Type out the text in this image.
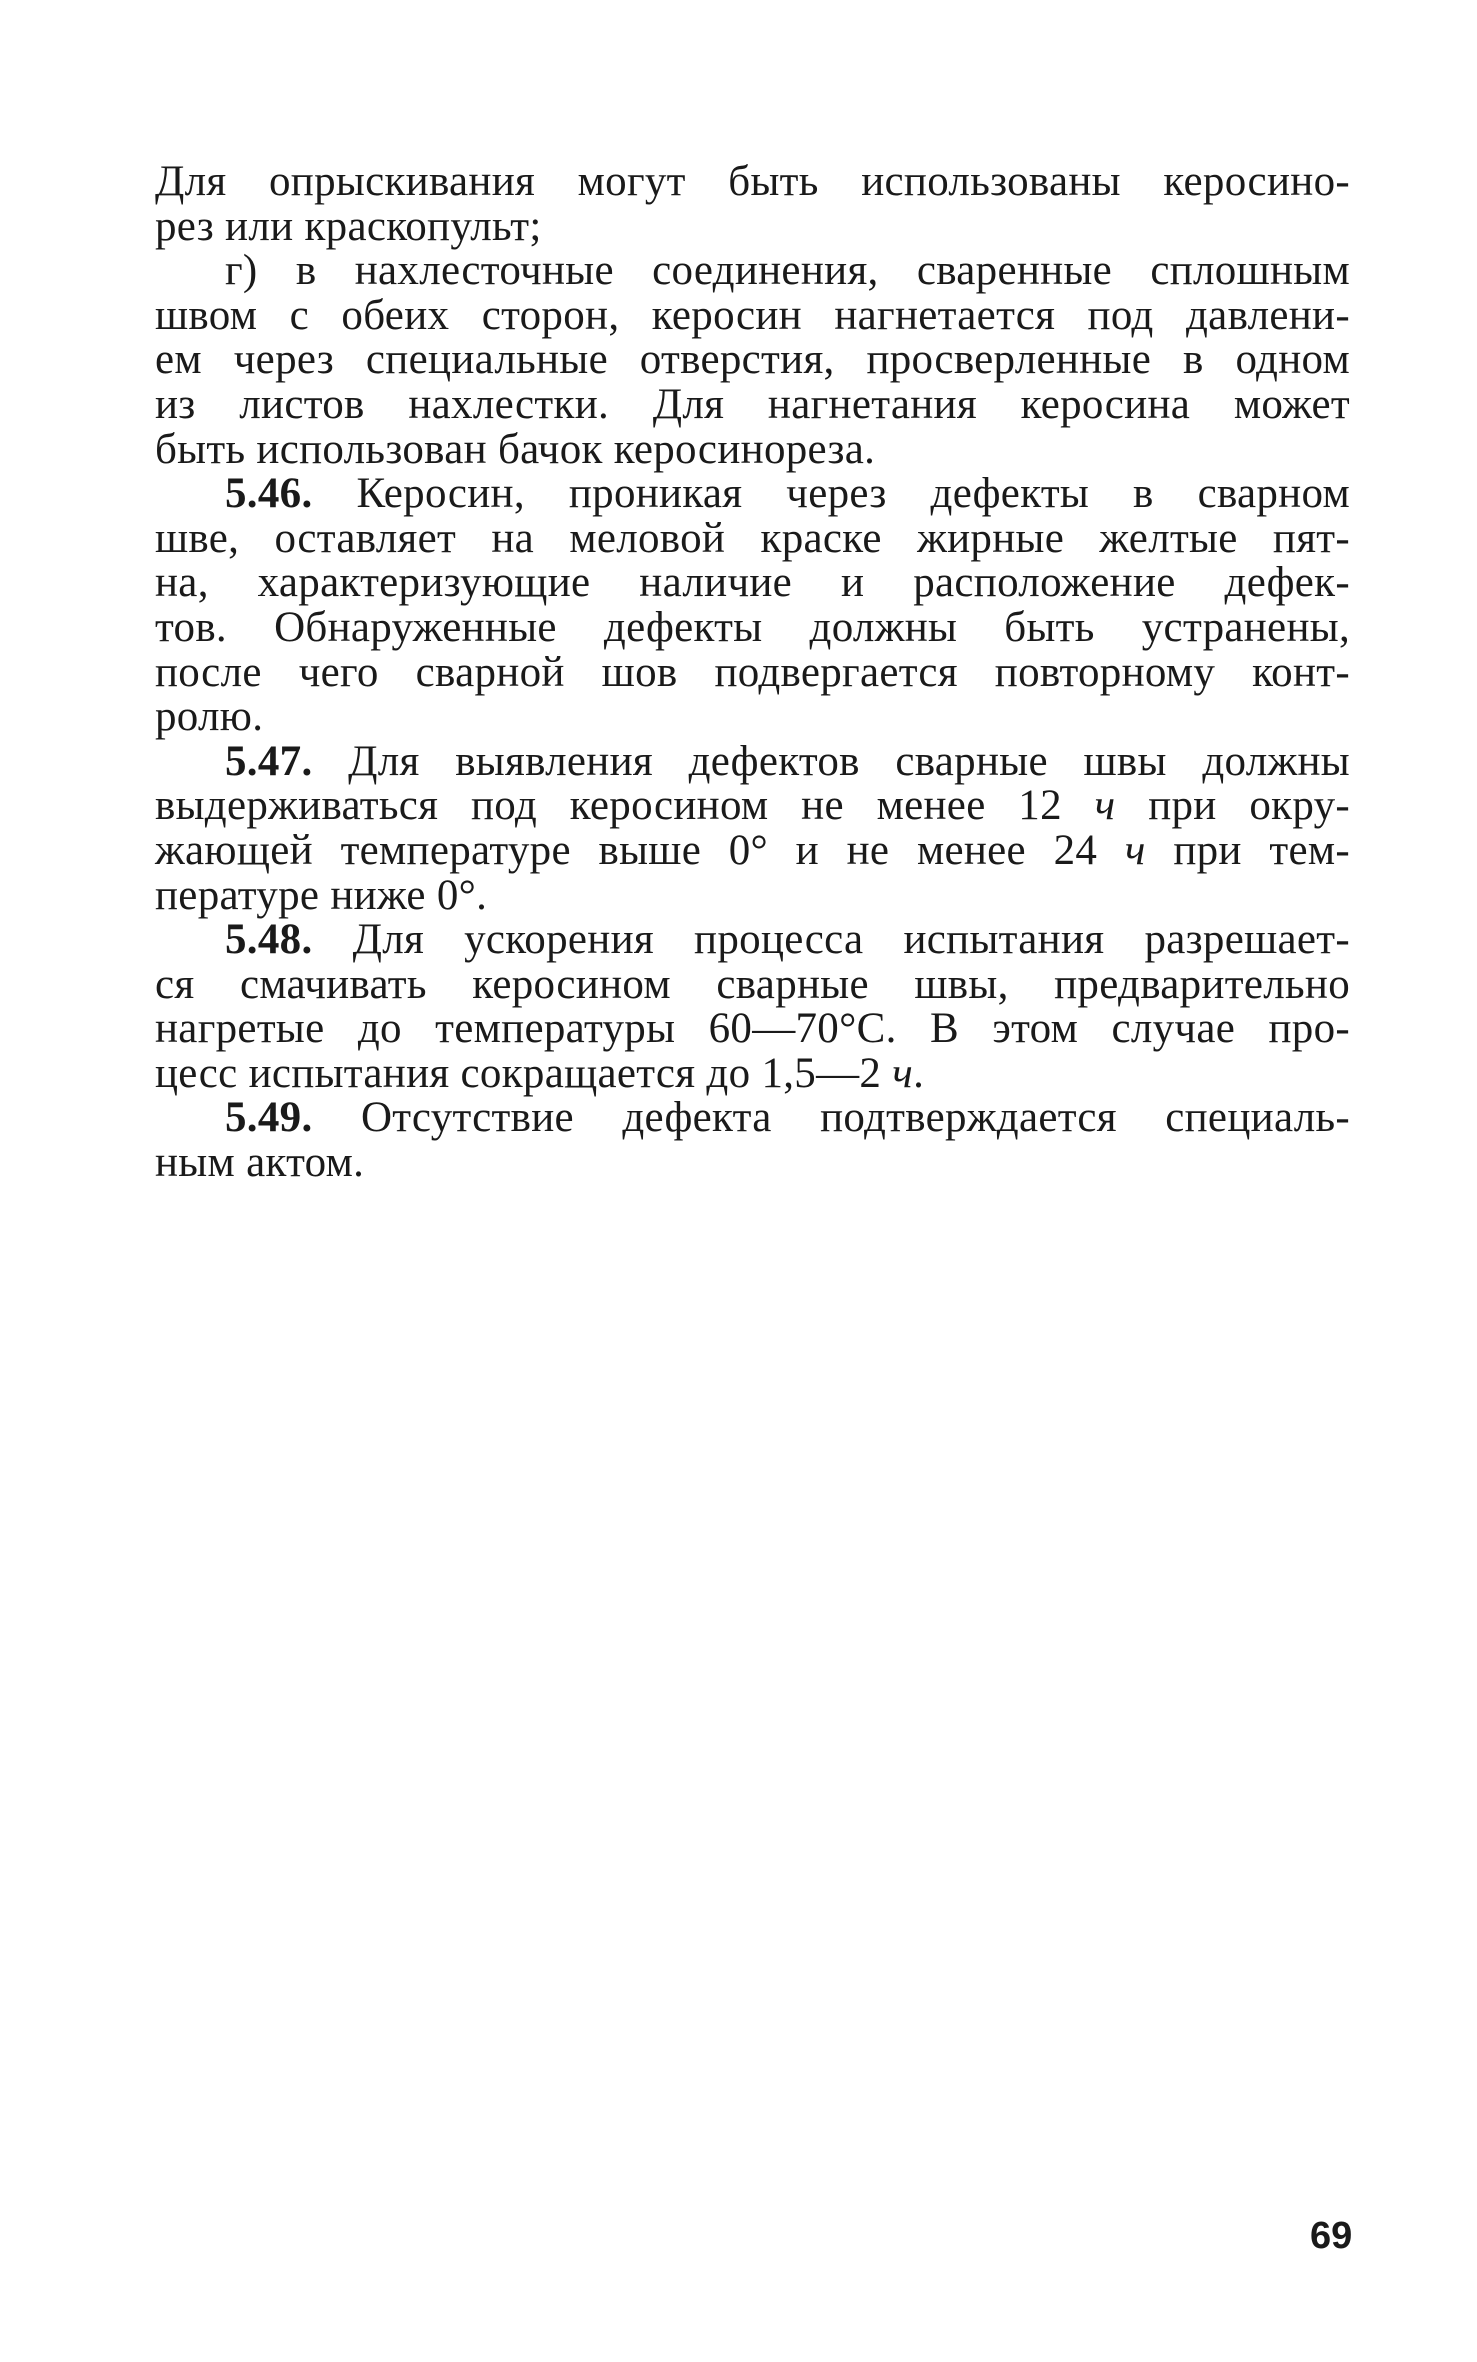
Для опрыскивания могут быть использованы керосино-
рез или краскопульт;
г) в нахлесточные соединения, сваренные сплошным
швом с обеих сторон, керосин нагнетается под давлени-
ем через специальные отверстия, просверленные в одном
из листов нахлестки. Для нагнетания керосина может
быть использован бачок керосинореза.
5.46. Керосин, проникая через дефекты в сварном
шве, оставляет на меловой краске жирные желтые пят-
на, характеризующие наличие и расположение дефек-
тов. Обнаруженные дефекты должны быть устранены,
после чего сварной шов подвергается повторному конт-
ролю.
5.47. Для выявления дефектов сварные швы должны
выдерживаться под керосином не менее 12 ч при окру-
жающей температуре выше 0° и не менее 24 ч при тем-
пературе ниже 0°.
5.48. Для ускорения процесса испытания разрешает-
ся смачивать керосином сварные швы, предварительно
нагретые до температуры 60—70°С. В этом случае про-
цесс испытания сокращается до 1,5—2 ч.
5.49. Отсутствие дефекта подтверждается специаль-
ным актом.
69
